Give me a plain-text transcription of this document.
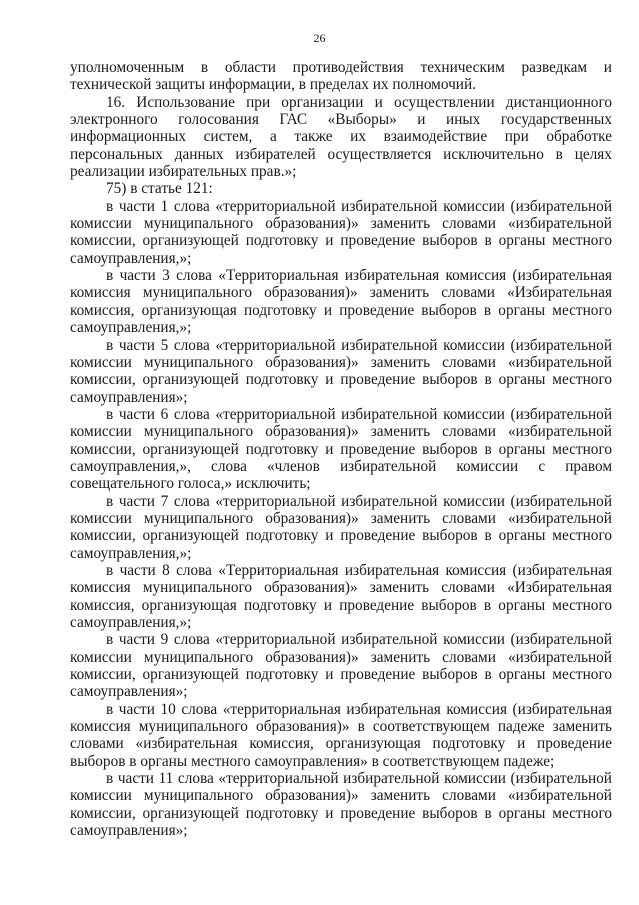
26

уполномоченным в области противодействия техническим разведкам и технической защиты информации, в пределах их полномочий.

16. Использование при организации и осуществлении дистанционного электронного голосования ГАС «Выборы» и иных государственных информационных систем, а также их взаимодействие при обработке персональных данных избирателей осуществляется исключительно в целях реализации избирательных прав.»;

75) в статье 121:

в части 1 слова «территориальной избирательной комиссии (избирательной комиссии муниципального образования)» заменить словами «избирательной комиссии, организующей подготовку и проведение выборов в органы местного самоуправления,»;

в части 3 слова «Территориальная избирательная комиссия (избирательная комиссия муниципального образования)» заменить словами «Избирательная комиссия, организующая подготовку и проведение выборов в органы местного самоуправления,»;

в части 5 слова «территориальной избирательной комиссии (избирательной комиссии муниципального образования)» заменить словами «избирательной комиссии, организующей подготовку и проведение выборов в органы местного самоуправления»;

в части 6 слова «территориальной избирательной комиссии (избирательной комиссии муниципального образования)» заменить словами «избирательной комиссии, организующей подготовку и проведение выборов в органы местного самоуправления,», слова «членов избирательной комиссии с правом совещательного голоса,» исключить;

в части 7 слова «территориальной избирательной комиссии (избирательной комиссии муниципального образования)» заменить словами «избирательной комиссии, организующей подготовку и проведение выборов в органы местного самоуправления,»;

в части 8 слова «Территориальная избирательная комиссия (избирательная комиссия муниципального образования)» заменить словами «Избирательная комиссия, организующая подготовку и проведение выборов в органы местного самоуправления,»;

в части 9 слова «территориальной избирательной комиссии (избирательной комиссии муниципального образования)» заменить словами «избирательной комиссии, организующей подготовку и проведение выборов в органы местного самоуправления»;

в части 10 слова «территориальная избирательная комиссия (избирательная комиссия муниципального образования)» в соответствующем падеже заменить словами «избирательная комиссия, организующая подготовку и проведение выборов в органы местного самоуправления» в соответствующем падеже;

в части 11 слова «территориальной избирательной комиссии (избирательной комиссии муниципального образования)» заменить словами «избирательной комиссии, организующей подготовку и проведение выборов в органы местного самоуправления»;
